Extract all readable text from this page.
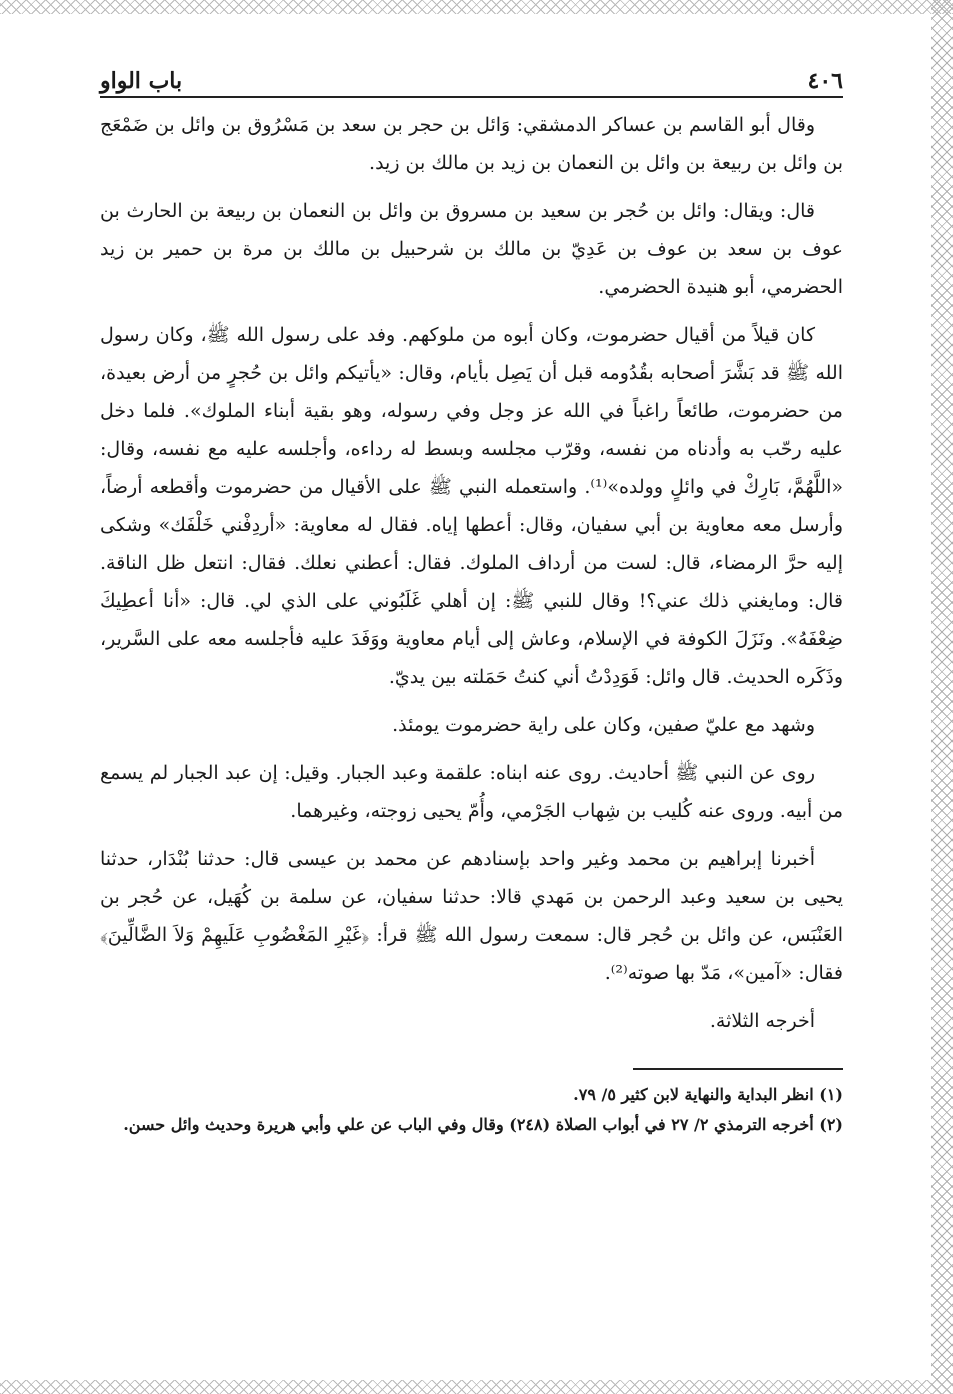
٤٠٦
باب الواو

وقال أبو القاسم بن عساكر الدمشقي: وَائل بن حجر بن سعد بن مَسْرُوق بن وائل بن ضَمْعَج بن وائل بن ربيعة بن وائل بن النعمان بن زيد بن مالك بن زيد.

قال: ويقال: وائل بن حُجر بن سعيد بن مسروق بن وائل بن النعمان بن ربيعة بن الحارث بن عوف بن سعد بن عوف بن عَدِيّ بن مالك بن شرحبيل بن مالك بن مرة بن حمير بن زيد الحضرمي، أبو هنيدة الحضرمي.

كان قيلاً من أقيال حضرموت، وكان أبوه من ملوكهم. وفد على رسول الله ﷺ، وكان رسول الله ﷺ قد بَشَّرَ أصحابه بقُدُومه قبل أن يَصِل بأيام، وقال: «يأتيكم وائل بن حُجرٍ من أرض بعيدة، من حضرموت، طائعاً راغباً في الله عز وجل وفي رسوله، وهو بقية أبناء الملوك». فلما دخل عليه رحّب به وأدناه من نفسه، وقرّب مجلسه وبسط له رداءه، وأجلسه عليه مع نفسه، وقال: «اللَّهُمَّ، بَارِكْ في وائلٍ وولده»⁽¹⁾. واستعمله النبي ﷺ على الأقيال من حضرموت وأقطعه أرضاً، وأرسل معه معاوية بن أبي سفيان، وقال: أعطها إياه. فقال له معاوية: «أردِفْني خَلْفَك» وشكى إليه حرَّ الرمضاء، قال: لست من أرداف الملوك. فقال: أعطني نعلك. فقال: انتعل ظل الناقة. قال: ومايغني ذلك عني؟! وقال للنبي ﷺ: إن أهلي غَلَبُوني على الذي لي. قال: «أنا أعطِيكَ ضِعْفَهُ». ونَزَلَ الكوفة في الإسلام، وعاش إلى أيام معاوية ووَفَدَ عليه فأجلسه معه على السَّرير، وذَكَره الحديث. قال وائل: فَوَدِدْتُ أني كنتُ حَمَلته بين يديّ.

وشهد مع عليّ صفين، وكان على راية حضرموت يومئذ.

روى عن النبي ﷺ أحاديث. روى عنه ابناه: علقمة وعبد الجبار. وقيل: إن عبد الجبار لم يسمع من أبيه. وروى عنه كُليب بن شِهاب الجَرْمي، وأُمّ يحيى زوجته، وغيرهما.

أخبرنا إبراهيم بن محمد وغير واحد بإسنادهم عن محمد بن عيسى قال: حدثنا بُنْدَار، حدثنا يحيى بن سعيد وعبد الرحمن بن مَهدي قالا: حدثنا سفيان، عن سلمة بن كُهَيل، عن حُجر بن العَنْبَس، عن وائل بن حُجر قال: سمعت رسول الله ﷺ قرأ: ﴿غَيْرِ المَغْضُوبِ عَلَيهِمْ وَلاَ الضَّالِّينَ﴾ فقال: «آمين»، مَدّ بها صوته⁽²⁾.

أخرجه الثلاثة.

(١) انظر البداية والنهاية لابن كثير ٥/ ٧٩.

(٢) أخرجه الترمذي ٢/ ٢٧ في أبواب الصلاة (٢٤٨) وقال وفي الباب عن علي وأبي هريرة وحديث وائل حسن.
